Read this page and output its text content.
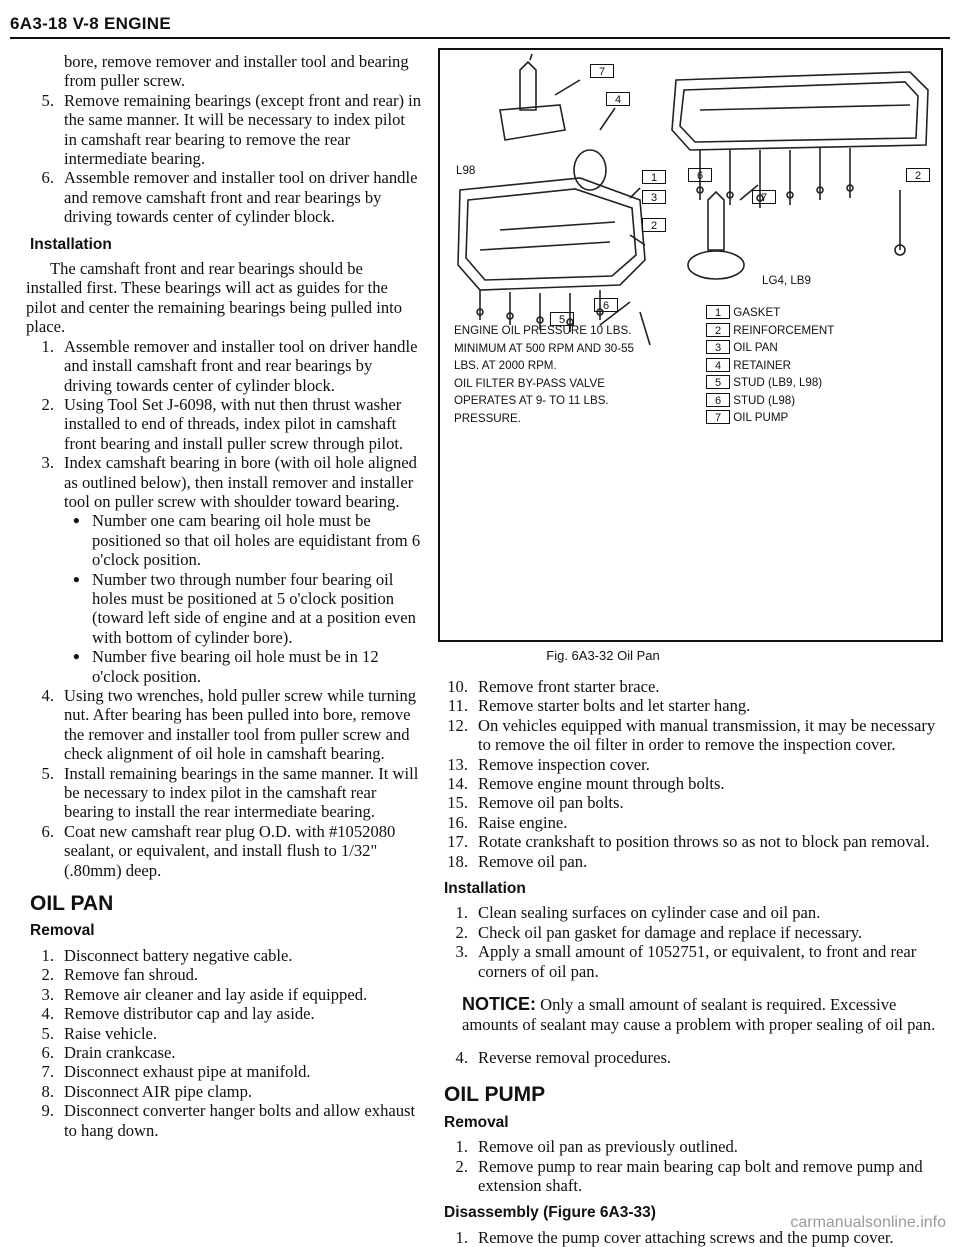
6A3-18 V-8 ENGINE
bore, remove remover and installer tool and bearing from puller screw.
5. Remove remaining bearings (except front and rear) in the same manner. It will be necessary to index pilot in camshaft rear bearing to remove the rear intermediate bearing.
6. Assemble remover and installer tool on driver handle and remove camshaft front and rear bearings by driving towards center of cylinder block.
Installation

The camshaft front and rear bearings should be installed first. These bearings will act as guides for the pilot and center the remaining bearings being pulled into place.

1. Assemble remover and installer tool on driver handle and install camshaft front and rear bearings by driving towards center of cylinder block.
2. Using Tool Set J-6098, with nut then thrust washer installed to end of threads, index pilot in camshaft front bearing and install puller screw through pilot.
3. Index camshaft bearing in bore (with oil hole aligned as outlined below), then install remover and installer tool on puller screw with shoulder toward bearing.
● Number one cam bearing oil hole must be positioned so that oil holes are equidistant from 6 o'clock position.
● Number two through number four bearing oil holes must be positioned at 5 o'clock position (toward left side of engine and at a position even with bottom of cylinder bore).
● Number five bearing oil hole must be in 12 o'clock position.
4. Using two wrenches, hold puller screw while turning nut. After bearing has been pulled into bore, remove the remover and installer tool from puller screw and check alignment of oil hole in camshaft bearing.
5. Install remaining bearings in the same manner. It will be necessary to index pilot in the camshaft rear bearing to install the rear intermediate bearing.
6. Coat new camshaft rear plug O.D. with #1052080 sealant, or equivalent, and install flush to 1/32" (.80mm) deep.
OIL PAN
Removal
1. Disconnect battery negative cable.
2. Remove fan shroud.
3. Remove air cleaner and lay aside if equipped.
4. Remove distributor cap and lay aside.
5. Raise vehicle.
6. Drain crankcase.
7. Disconnect exhaust pipe at manifold.
8. Disconnect AIR pipe clamp.
9. Disconnect converter hanger bolts and allow exhaust to hang down.
L98
LG4, LB9
7
4
1
3
2
5
6
6	2
7
ENGINE OIL PRESSURE 10 LBS.
MINIMUM AT 500 RPM AND 30-55
LBS. AT 2000 RPM.
OIL FILTER BY-PASS VALVE
OPERATES AT 9- TO 11 LBS.
PRESSURE.
1 GASKET
2 REINFORCEMENT
3 OIL PAN
4 RETAINER
5 STUD (LB9, L98)
6 STUD (L98)
7 OIL PUMP
Fig. 6A3-32 Oil Pan
10. Remove front starter brace.
11. Remove starter bolts and let starter hang.
12. On vehicles equipped with manual transmission, it may be necessary to remove the oil filter in order to remove the inspection cover.
13. Remove inspection cover.
14. Remove engine mount through bolts.
15. Remove oil pan bolts.
16. Raise engine.
17. Rotate crankshaft to position throws so as not to block pan removal.
18. Remove oil pan.
Installation
1. Clean sealing surfaces on cylinder case and oil pan.
2. Check oil pan gasket for damage and replace if necessary.
3. Apply a small amount of 1052751, or equivalent, to front and rear corners of oil pan.
NOTICE: Only a small amount of sealant is required. Excessive amounts of sealant may cause a problem with proper sealing of oil pan.
4. Reverse removal procedures.
OIL PUMP
Removal
1. Remove oil pan as previously outlined.
2. Remove pump to rear main bearing cap bolt and remove pump and extension shaft.
Disassembly (Figure 6A3-33)
1. Remove the pump cover attaching screws and the pump cover.
carmanualsonline.info
